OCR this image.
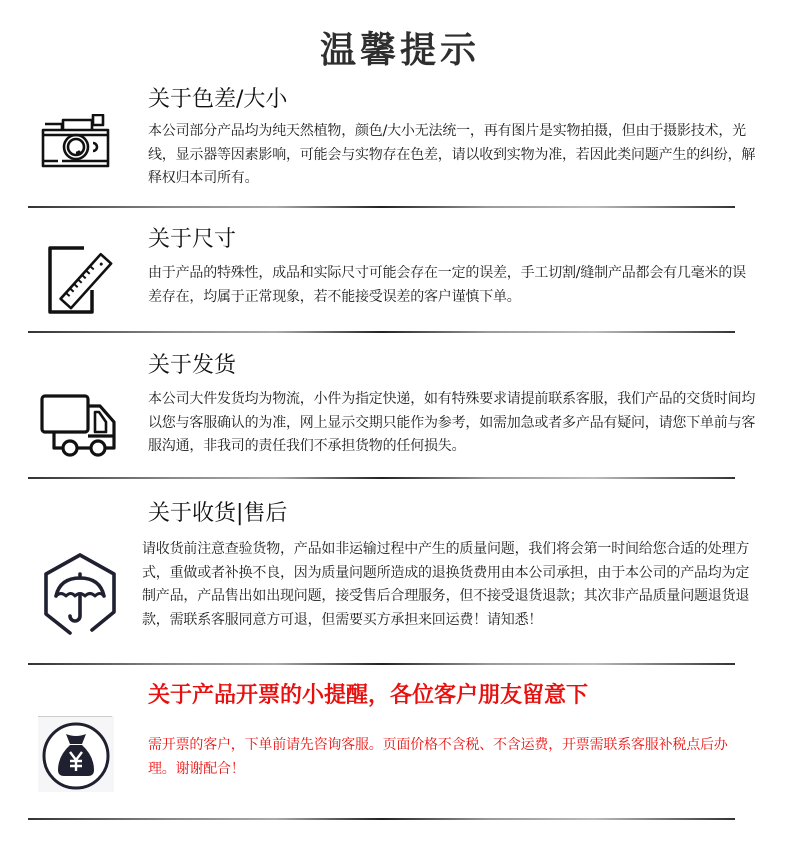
温馨提示
关于色差/大小
本公司部分产品均为纯天然植物，颜色/大小无法统一，再有图片是实物拍摄，但由于摄影技术，光线，显示器等因素影响，可能会与实物存在色差，请以收到实物为准，若因此类问题产生的纠纷，解释权归本司所有。
关于尺寸
由于产品的特殊性，成品和实际尺寸可能会存在一定的误差，手工切割/缝制产品都会有几毫米的误差存在，均属于正常现象，若不能接受误差的客户谨慎下单。
关于发货
本公司大件发货均为物流，小件为指定快递，如有特殊要求请提前联系客服，我们产品的交货时间均以您与客服确认的为准，网上显示交期只能作为参考，如需加急或者多产品有疑问，请您下单前与客服沟通，非我司的责任我们不承担货物的任何损失。
关于收货|售后
请收货前注意查验货物，产品如非运输过程中产生的质量问题，我们将会第一时间给您合适的处理方式，重做或者补换不良，因为质量问题所造成的退换货费用由本公司承担，由于本公司的产品均为定制产品，产品售出如出现问题，接受售后合理服务，但不接受退货退款；其次非产品质量问题退货退款，需联系客服同意方可退，但需要买方承担来回运费！请知悉！
关于产品开票的小提醒，各位客户朋友留意下
需开票的客户，下单前请先咨询客服。页面价格不含税、不含运费，开票需联系客服补税点后办理。谢谢配合！
